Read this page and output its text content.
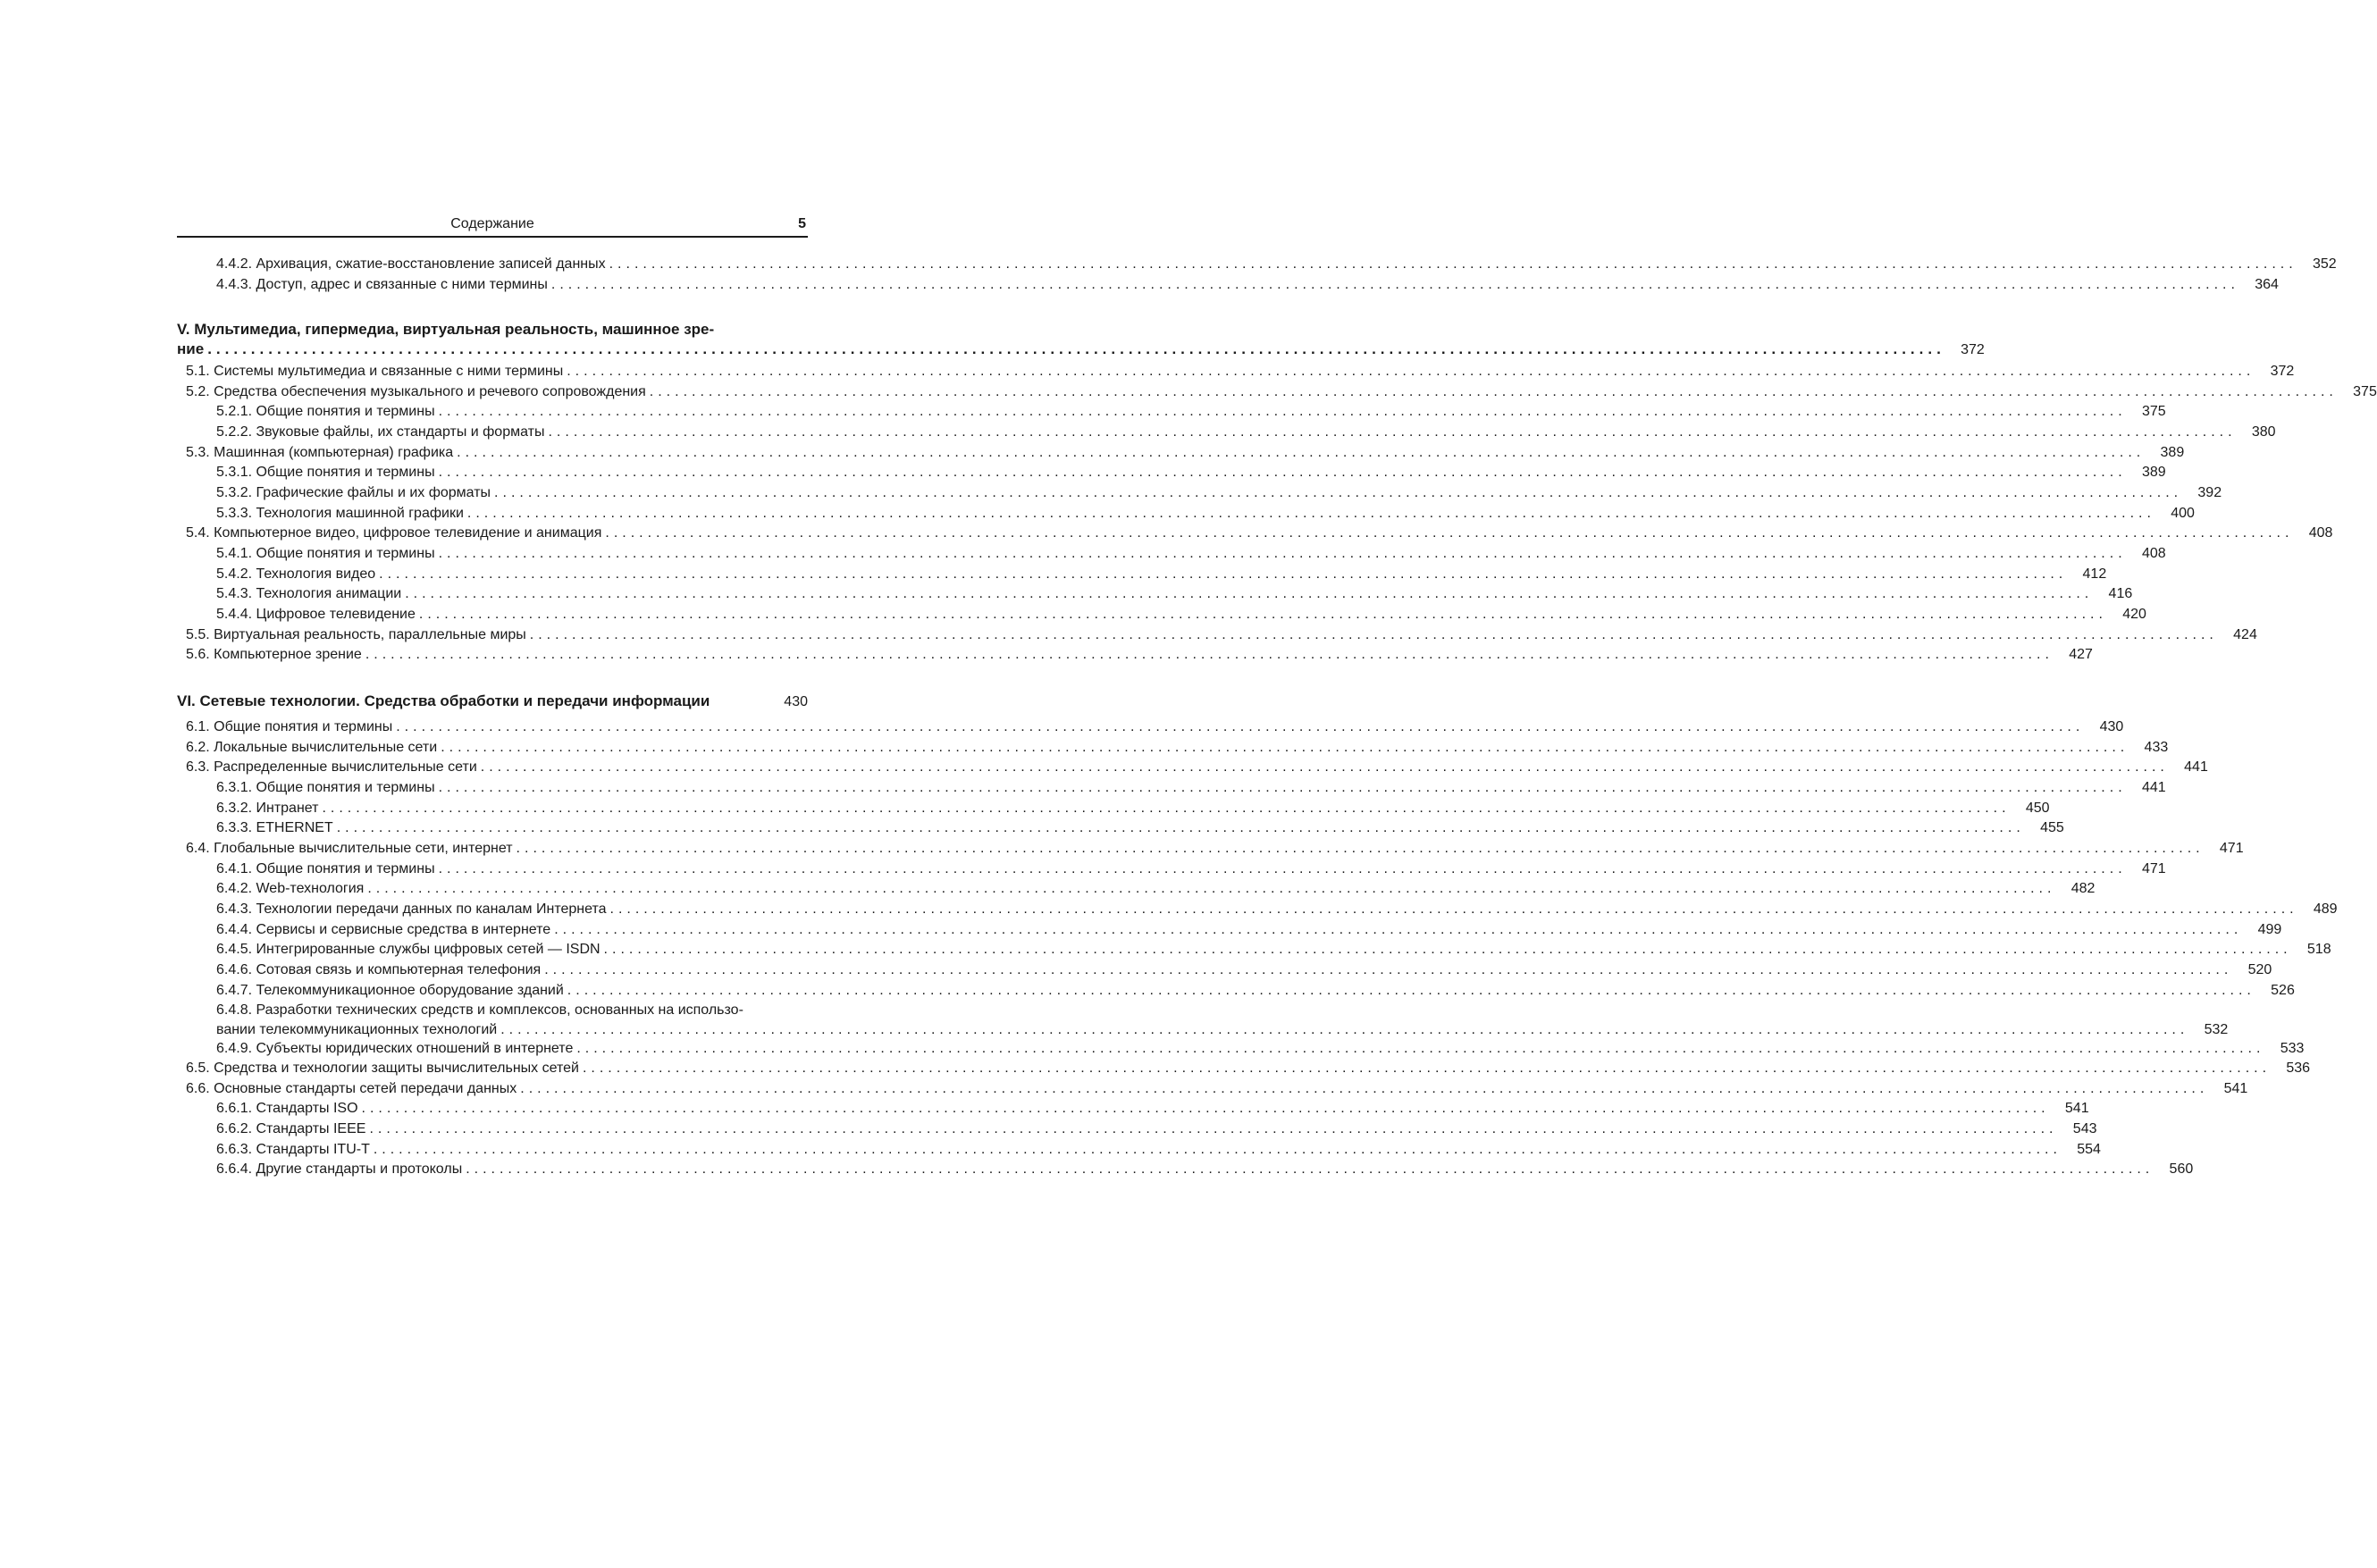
Содержание	5
4.4.2. Архивация, сжатие-восстановление записей данных ........................................................................................................................................................................................................	352
4.4.3. Доступ, адрес и связанные с ними термины ........................................................................................................................................................................................................	364
V. Мультимедиа, гипермедиа, виртуальная реальность, машинное зре-
ние ........................................................................................................................................................................................................	372
5.1. Системы мультимедиа и связанные с ними термины ........................................................................................................................................................................................................	372
5.2. Средства обеспечения музыкального и речевого сопровождения ........................................................................................................................................................................................................	375
5.2.1. Общие понятия и термины ........................................................................................................................................................................................................	375
5.2.2. Звуковые файлы, их стандарты и форматы ........................................................................................................................................................................................................	380
5.3. Машинная (компьютерная) графика ........................................................................................................................................................................................................	389
5.3.1. Общие понятия и термины ........................................................................................................................................................................................................	389
5.3.2. Графические файлы и их форматы ........................................................................................................................................................................................................	392
5.3.3. Технология машинной графики ........................................................................................................................................................................................................	400
5.4. Компьютерное видео, цифровое телевидение и анимация ........................................................................................................................................................................................................	408
5.4.1. Общие понятия и термины ........................................................................................................................................................................................................	408
5.4.2. Технология видео ........................................................................................................................................................................................................	412
5.4.3. Технология анимации ........................................................................................................................................................................................................	416
5.4.4. Цифровое телевидение ........................................................................................................................................................................................................	420
5.5. Виртуальная реальность, параллельные миры ........................................................................................................................................................................................................	424
5.6. Компьютерное зрение ........................................................................................................................................................................................................	427
VI. Сетевые технологии. Средства обработки и передачи информации	430
6.1. Общие понятия и термины ........................................................................................................................................................................................................	430
6.2. Локальные вычислительные сети ........................................................................................................................................................................................................	433
6.3. Распределенные вычислительные сети ........................................................................................................................................................................................................	441
6.3.1. Общие понятия и термины ........................................................................................................................................................................................................	441
6.3.2. Интранет ........................................................................................................................................................................................................	450
6.3.3. ETHERNET ........................................................................................................................................................................................................	455
6.4. Глобальные вычислительные сети, интернет ........................................................................................................................................................................................................	471
6.4.1. Общие понятия и термины ........................................................................................................................................................................................................	471
6.4.2. Web-технология ........................................................................................................................................................................................................	482
6.4.3. Технологии передачи данных по каналам Интернета ........................................................................................................................................................................................................	489
6.4.4. Сервисы и сервисные средства в интернете ........................................................................................................................................................................................................	499
6.4.5. Интегрированные службы цифровых сетей — ISDN ........................................................................................................................................................................................................	518
6.4.6. Сотовая связь и компьютерная телефония ........................................................................................................................................................................................................	520
6.4.7. Телекоммуникационное оборудование зданий ........................................................................................................................................................................................................	526
6.4.8. Разработки технических средств и комплексов, основанных на использо-
вании телекоммуникационных технологий ........................................................................................................................................................................................................	532
6.4.9. Субъекты юридических отношений в интернете ........................................................................................................................................................................................................	533
6.5. Средства и технологии защиты вычислительных сетей ........................................................................................................................................................................................................	536
6.6. Основные стандарты сетей передачи данных ........................................................................................................................................................................................................	541
6.6.1. Стандарты ISO ........................................................................................................................................................................................................	541
6.6.2. Стандарты IEEE ........................................................................................................................................................................................................	543
6.6.3. Стандарты ITU-T ........................................................................................................................................................................................................	554
6.6.4. Другие стандарты и протоколы ........................................................................................................................................................................................................	560
